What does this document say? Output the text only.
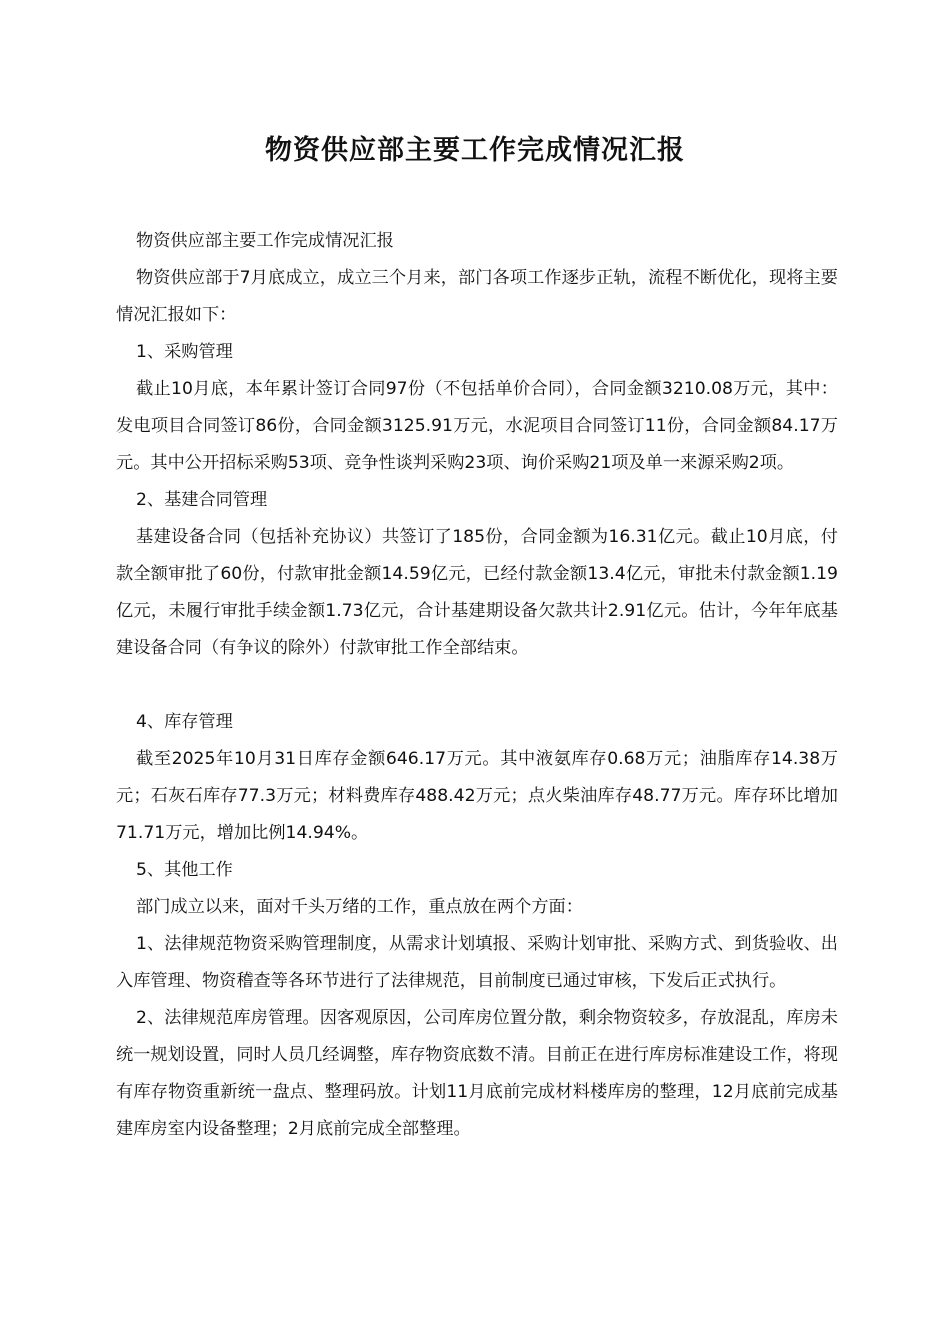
物资供应部主要工作完成情况汇报

物资供应部主要工作完成情况汇报

物资供应部于7月底成立，成立三个月来，部门各项工作逐步正轨，流程不断优化，现将主要情况汇报如下：

1、采购管理

截止10月底，本年累计签订合同97份（不包括单价合同），合同金额3210.08万元，其中：发电项目合同签订86份，合同金额3125.91万元，水泥项目合同签订11份，合同金额84.17万元。其中公开招标采购53项、竞争性谈判采购23项、询价采购21项及单一来源采购2项。

2、基建合同管理

基建设备合同（包括补充协议）共签订了185份，合同金额为16.31亿元。截止10月底，付款全额审批了60份，付款审批金额14.59亿元，已经付款金额13.4亿元，审批未付款金额1.19亿元，未履行审批手续金额1.73亿元，合计基建期设备欠款共计2.91亿元。估计，今年年底基建设备合同（有争议的除外）付款审批工作全部结束。

4、库存管理

截至2025年10月31日库存金额646.17万元。其中液氨库存0.68万元；油脂库存14.38万元；石灰石库存77.3万元；材料费库存488.42万元；点火柴油库存48.77万元。库存环比增加71.71万元，增加比例14.94%。

5、其他工作

部门成立以来，面对千头万绪的工作，重点放在两个方面：

1、法律规范物资采购管理制度，从需求计划填报、采购计划审批、采购方式、到货验收、出入库管理、物资稽查等各环节进行了法律规范，目前制度已通过审核，下发后正式执行。

2、法律规范库房管理。因客观原因，公司库房位置分散，剩余物资较多，存放混乱，库房未统一规划设置，同时人员几经调整，库存物资底数不清。目前正在进行库房标准建设工作，将现有库存物资重新统一盘点、整理码放。计划11月底前完成材料楼库房的整理，12月底前完成基建库房室内设备整理；2月底前完成全部整理。
